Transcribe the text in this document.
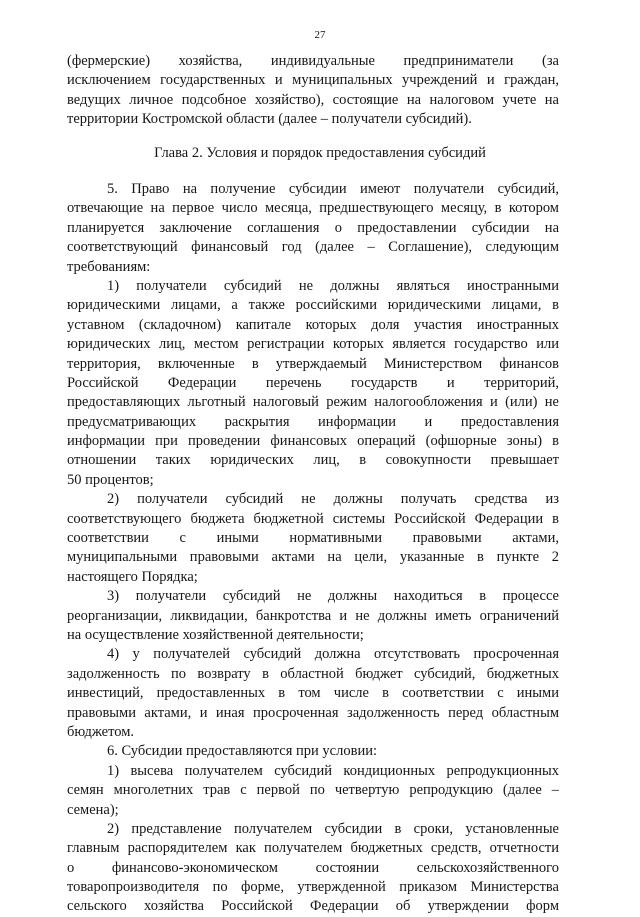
27
(фермерские) хозяйства, индивидуальные предприниматели (за
исключением государственных и муниципальных учреждений и граждан,
ведущих личное подсобное хозяйство), состоящие на налоговом учете на
территории Костромской области (далее – получатели субсидий).
Глава 2. Условия и порядок предоставления субсидий
5. Право на получение субсидии имеют получатели субсидий,
отвечающие на первое число месяца, предшествующего месяцу, в котором
планируется заключение соглашения о предоставлении субсидии на
соответствующий финансовый год (далее – Соглашение), следующим
требованиям:
1) получатели субсидий не должны являться иностранными
юридическими лицами, а также российскими юридическими лицами, в
уставном (складочном) капитале которых доля участия иностранных
юридических лиц, местом регистрации которых является государство или
территория, включенные в утверждаемый Министерством финансов
Российской Федерации перечень государств и территорий,
предоставляющих льготный налоговый режим налогообложения и (или) не
предусматривающих раскрытия информации и предоставления
информации при проведении финансовых операций (офшорные зоны) в
отношении таких юридических лиц, в совокупности превышает
50 процентов;
2) получатели субсидий не должны получать средства из
соответствующего бюджета бюджетной системы Российской Федерации в
соответствии с иными нормативными правовыми актами,
муниципальными правовыми актами на цели, указанные в пункте 2
настоящего Порядка;
3) получатели субсидий не должны находиться в процессе
реорганизации, ликвидации, банкротства и не должны иметь ограничений
на осуществление хозяйственной деятельности;
4) у получателей субсидий должна отсутствовать просроченная
задолженность по возврату в областной бюджет субсидий, бюджетных
инвестиций, предоставленных в том числе в соответствии с иными
правовыми актами, и иная просроченная задолженность перед областным
бюджетом.
6. Субсидии предоставляются при условии:
1) высева получателем субсидий кондиционных репродукционных
семян многолетних трав с первой по четвертую репродукцию (далее –
семена);
2) представление получателем субсидии в сроки, установленные
главным распорядителем как получателем бюджетных средств, отчетности
о финансово-экономическом состоянии сельскохозяйственного
товаропроизводителя по форме, утвержденной приказом Министерства
сельского хозяйства Российской Федерации об утверждении форм
